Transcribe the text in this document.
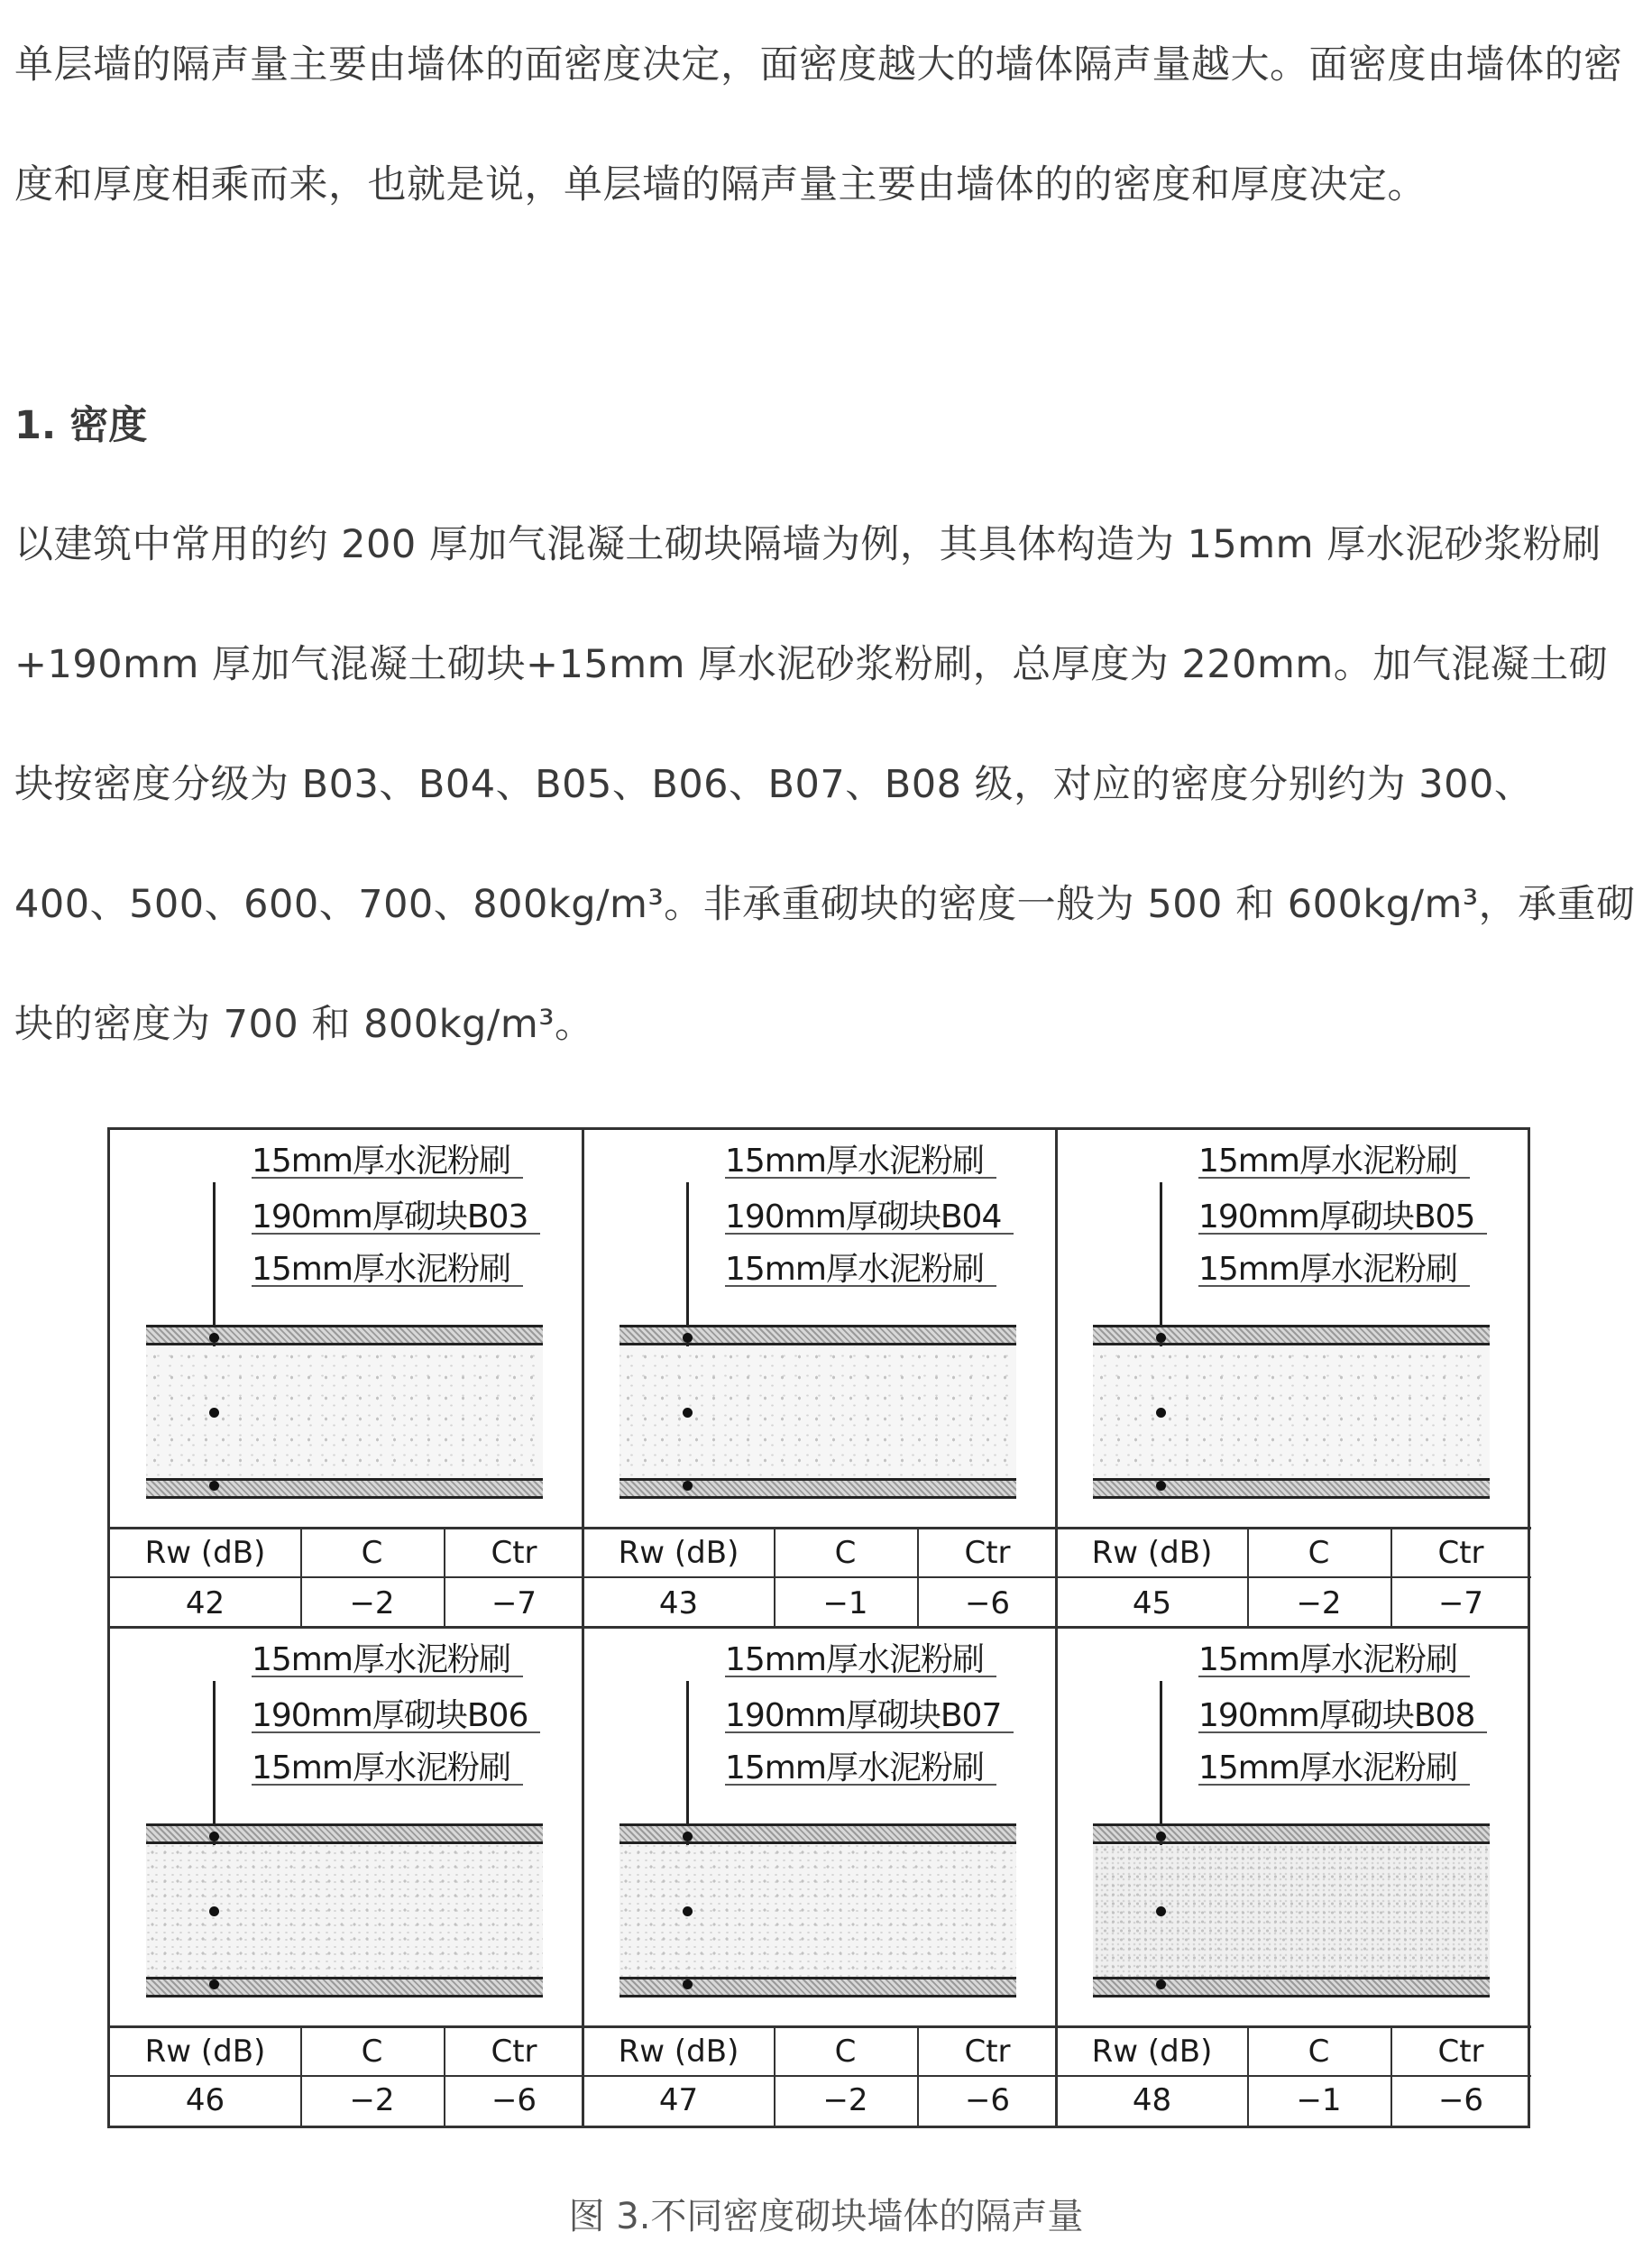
单层墙的隔声量主要由墙体的面密度决定，面密度越大的墙体隔声量越大。面密度由墙体的密度和厚度相乘而来，也就是说，单层墙的隔声量主要由墙体的的密度和厚度决定。

1. 密度

以建筑中常用的约 200 厚加气混凝土砌块隔墙为例，其具体构造为 15mm 厚水泥砂浆粉刷+190mm 厚加气混凝土砌块+15mm 厚水泥砂浆粉刷，总厚度为 220mm。加气混凝土砌块按密度分级为 B03、B04、B05、B06、B07、B08 级，对应的密度分别约为 300、400、500、600、700、800kg/m³。非承重砌块的密度一般为 500 和 600kg/m³，承重砌块的密度为 700 和 800kg/m³。

15mm厚水泥粉刷
190mm厚砌块B03
15mm厚水泥粉刷
Rw (dB)	C	Ctr
42	−2	−7
15mm厚水泥粉刷
190mm厚砌块B04
15mm厚水泥粉刷
Rw (dB)	C	Ctr
43	−1	−6
15mm厚水泥粉刷
190mm厚砌块B05
15mm厚水泥粉刷
Rw (dB)	C	Ctr
45	−2	−7
15mm厚水泥粉刷
190mm厚砌块B06
15mm厚水泥粉刷
Rw (dB)	C	Ctr
46	−2	−6
15mm厚水泥粉刷
190mm厚砌块B07
15mm厚水泥粉刷
Rw (dB)	C	Ctr
47	−2	−6
15mm厚水泥粉刷
190mm厚砌块B08
15mm厚水泥粉刷
Rw (dB)	C	Ctr
48	−1	−6
图 3.不同密度砌块墙体的隔声量
